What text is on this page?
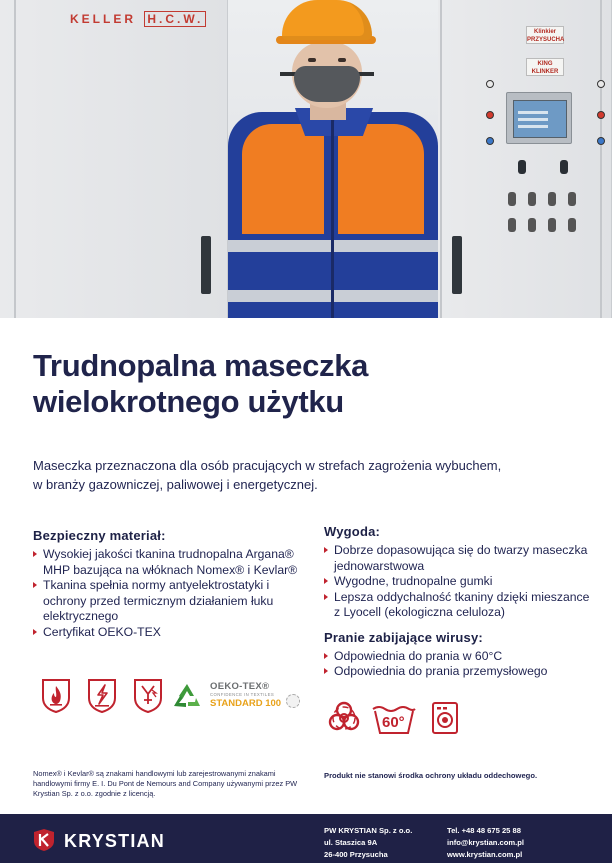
KELLER H.C.W.
Klinkier PRZYSUCHA
KING KLINKER
Trudnopalna maseczka
wielokrotnego użytku

Maseczka przeznaczona dla osób pracujących w strefach zagrożenia wybuchem, w branży gazowniczej, paliwowej i energetycznej.

Bezpieczny materiał:
Wysokiej jakości tkanina trudnopalna Argana® MHP bazująca na włóknach Nomex® i Kevlar®
Tkanina spełnia normy antyelektrostatyki i ochrony przed termicznym działaniem łuku elektrycznego
Certyfikat OEKO-TEX
Wygoda:
Dobrze dopasowująca się do twarzy maseczka jednowarstwowa
Wygodne, trudnopalne gumki
Lepsza oddychalność tkaniny dzięki mieszance z Lyocell (ekologiczna celuloza)
Pranie zabijające wirusy:
Odpowiednia do prania w 60°C
Odpowiednia do prania przemysłowego
OEKO-TEX®
CONFIDENCE IN TEXTILES
STANDARD 100
60°

Nomex® i Kevlar® są znakami handlowymi lub zarejestrowanymi znakami handlowymi firmy E. I. Du Pont de Nemours and Company używanymi przez PW Krystian Sp. z o.o. zgodnie z licencją.

Produkt nie stanowi środka ochrony układu oddechowego.

KRYSTIAN
PW KRYSTIAN Sp. z o.o.
ul. Staszica 9A
26-400 Przysucha
Tel. +48 48 675 25 88
info@krystian.com.pl
www.krystian.com.pl
